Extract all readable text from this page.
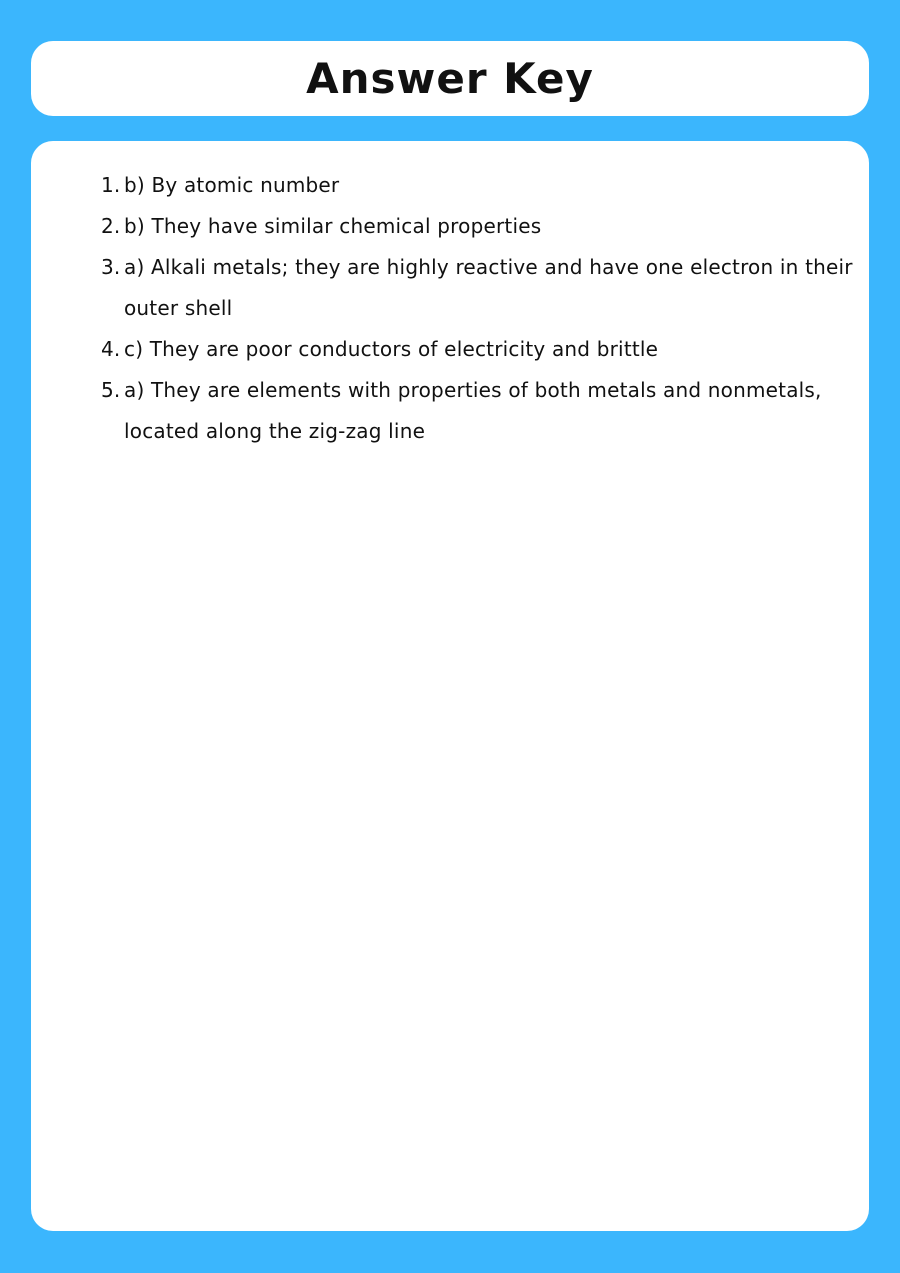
Answer Key
1. b) By atomic number
2. b) They have similar chemical properties
3. a) Alkali metals; they are highly reactive and have one electron in their outer shell
4. c) They are poor conductors of electricity and brittle
5. a) They are elements with properties of both metals and nonmetals, located along the zig-zag line
